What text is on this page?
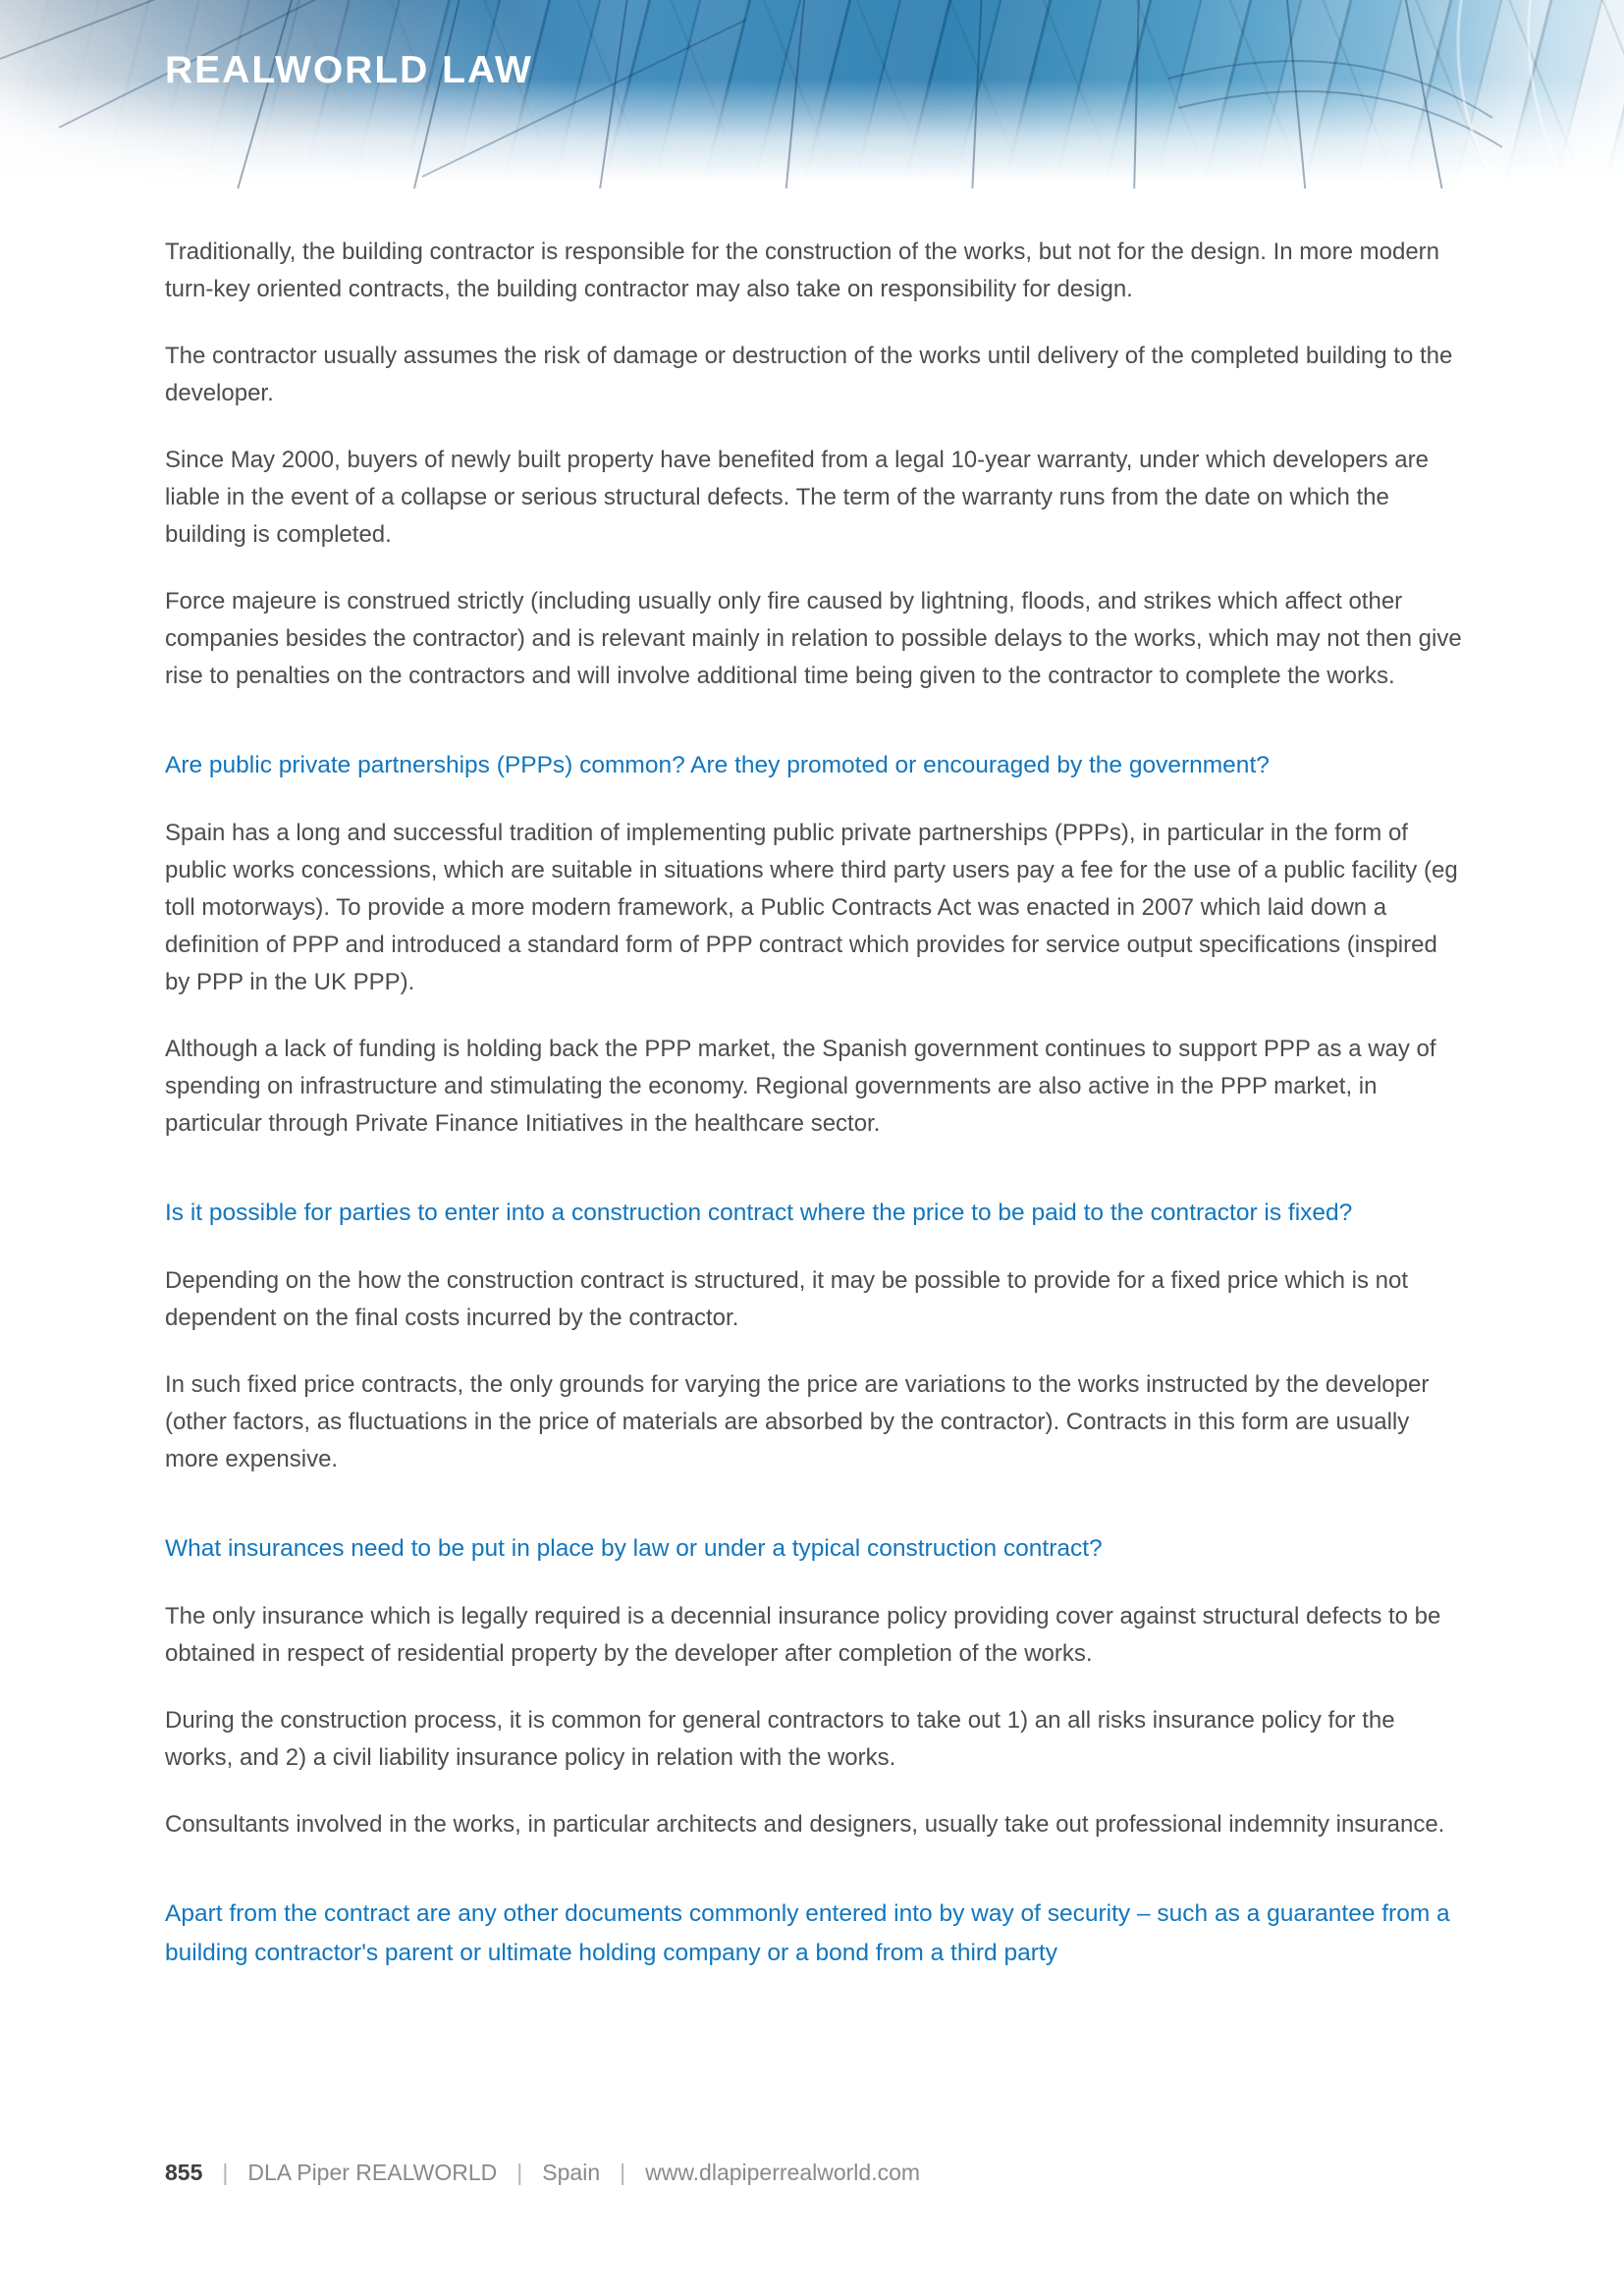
REALWORLD LAW

Traditionally, the building contractor is responsible for the construction of the works, but not for the design. In more modern turn-key oriented contracts, the building contractor may also take on responsibility for design.

The contractor usually assumes the risk of damage or destruction of the works until delivery of the completed building to the developer.

Since May 2000, buyers of newly built property have benefited from a legal 10-year warranty, under which developers are liable in the event of a collapse or serious structural defects. The term of the warranty runs from the date on which the building is completed.

Force majeure is construed strictly (including usually only fire caused by lightning, floods, and strikes which affect other companies besides the contractor) and is relevant mainly in relation to possible delays to the works, which may not then give rise to penalties on the contractors and will involve additional time being given to the contractor to complete the works.

Are public private partnerships (PPPs) common? Are they promoted or encouraged by the government?

Spain has a long and successful tradition of implementing public private partnerships (PPPs), in particular in the form of public works concessions, which are suitable in situations where third party users pay a fee for the use of a public facility (eg toll motorways). To provide a more modern framework, a Public Contracts Act was enacted in 2007 which laid down a definition of PPP and introduced a standard form of PPP contract which provides for service output specifications (inspired by PPP in the UK PPP).

Although a lack of funding is holding back the PPP market, the Spanish government continues to support PPP as a way of spending on infrastructure and stimulating the economy. Regional governments are also active in the PPP market, in particular through Private Finance Initiatives in the healthcare sector.

Is it possible for parties to enter into a construction contract where the price to be paid to the contractor is fixed?

Depending on the how the construction contract is structured, it may be possible to provide for a fixed price which is not dependent on the final costs incurred by the contractor.

In such fixed price contracts, the only grounds for varying the price are variations to the works instructed by the developer (other factors, as fluctuations in the price of materials are absorbed by the contractor). Contracts in this form are usually more expensive.

What insurances need to be put in place by law or under a typical construction contract?

The only insurance which is legally required is a decennial insurance policy providing cover against structural defects to be obtained in respect of residential property by the developer after completion of the works.

During the construction process, it is common for general contractors to take out 1) an all risks insurance policy for the works, and 2) a civil liability insurance policy in relation with the works.

Consultants involved in the works, in particular architects and designers, usually take out professional indemnity insurance.

Apart from the contract are any other documents commonly entered into by way of security – such as a guarantee from a building contractor's parent or ultimate holding company or a bond from a third party
855 | DLA Piper REALWORLD | Spain | www.dlapiperrealworld.com
